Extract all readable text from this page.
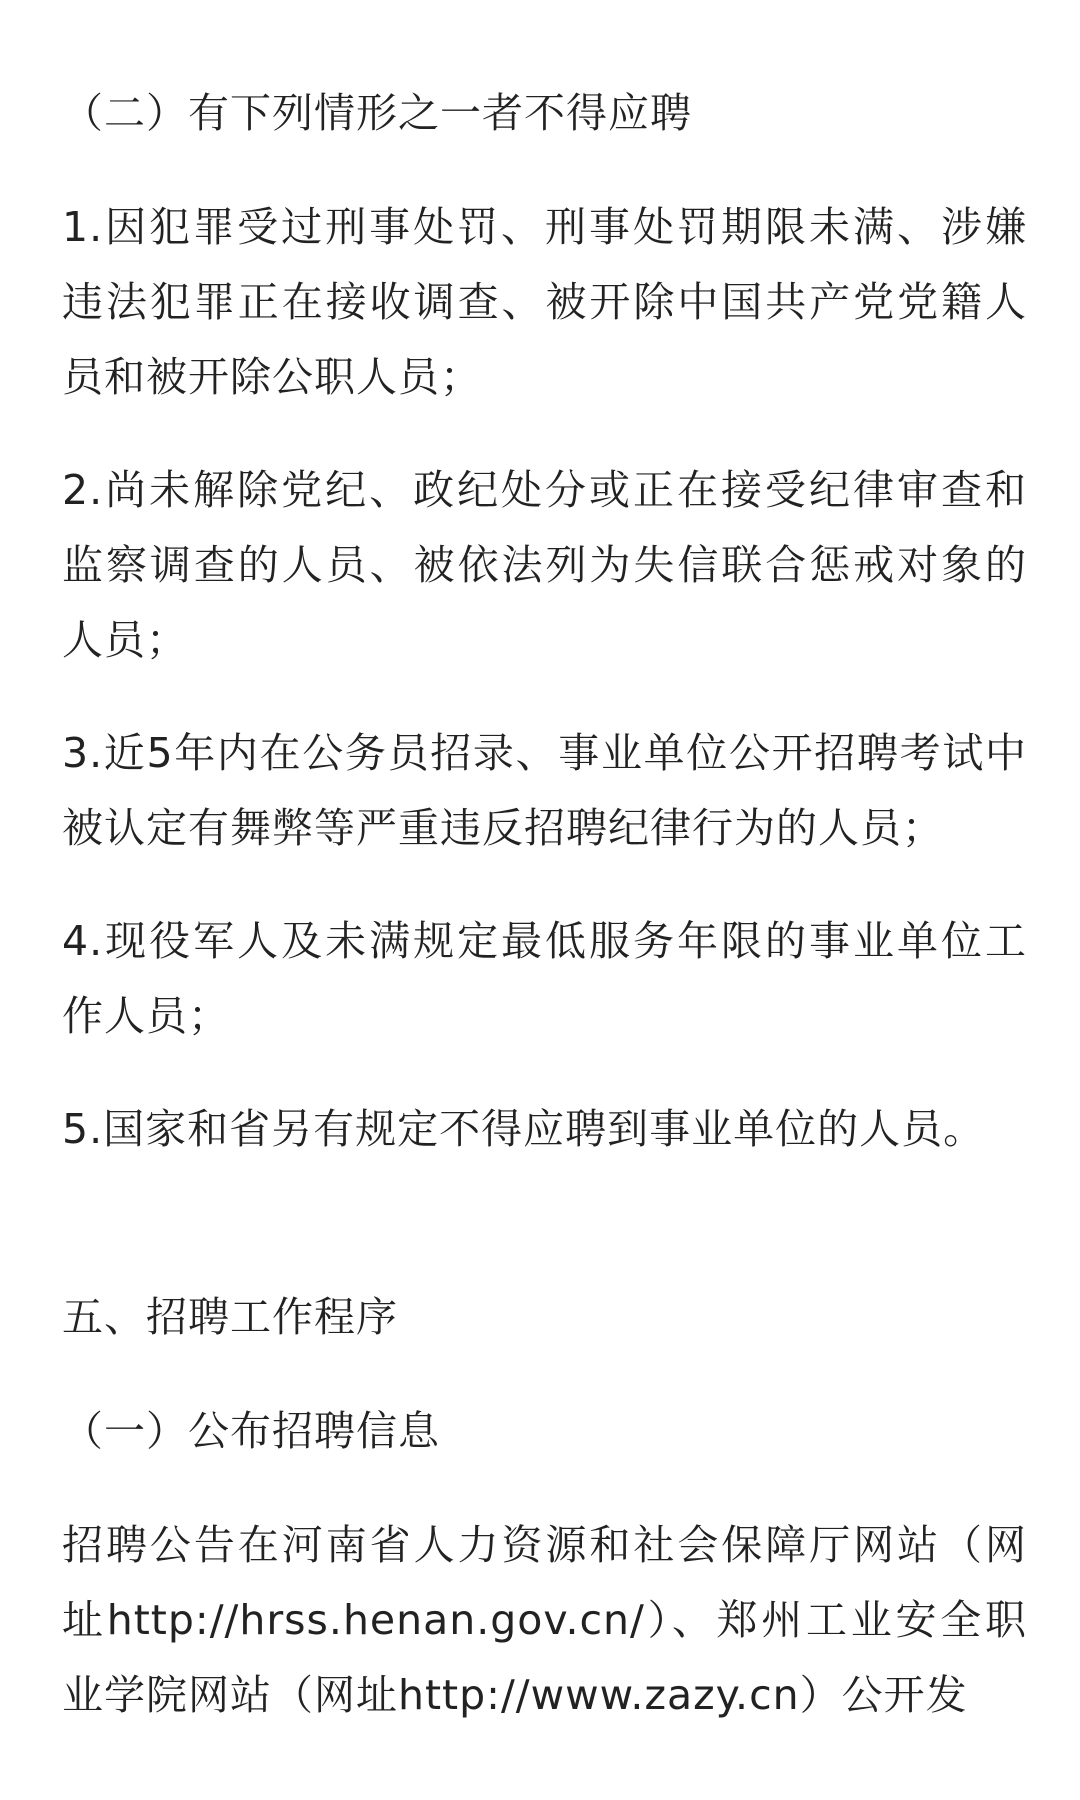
（二）有下列情形之一者不得应聘

1.因犯罪受过刑事处罚、刑事处罚期限未满、涉嫌违法犯罪正在接收调查、被开除中国共产党党籍人员和被开除公职人员；

2.尚未解除党纪、政纪处分或正在接受纪律审查和监察调查的人员、被依法列为失信联合惩戒对象的人员；

3.近5年内在公务员招录、事业单位公开招聘考试中被认定有舞弊等严重违反招聘纪律行为的人员；

4.现役军人及未满规定最低服务年限的事业单位工作人员；

5.国家和省另有规定不得应聘到事业单位的人员。

五、招聘工作程序

（一）公布招聘信息

招聘公告在河南省人力资源和社会保障厅网站（网址http://hrss.henan.gov.cn/）、郑州工业安全职业学院网站（网址http://www.zazy.cn）公开发
